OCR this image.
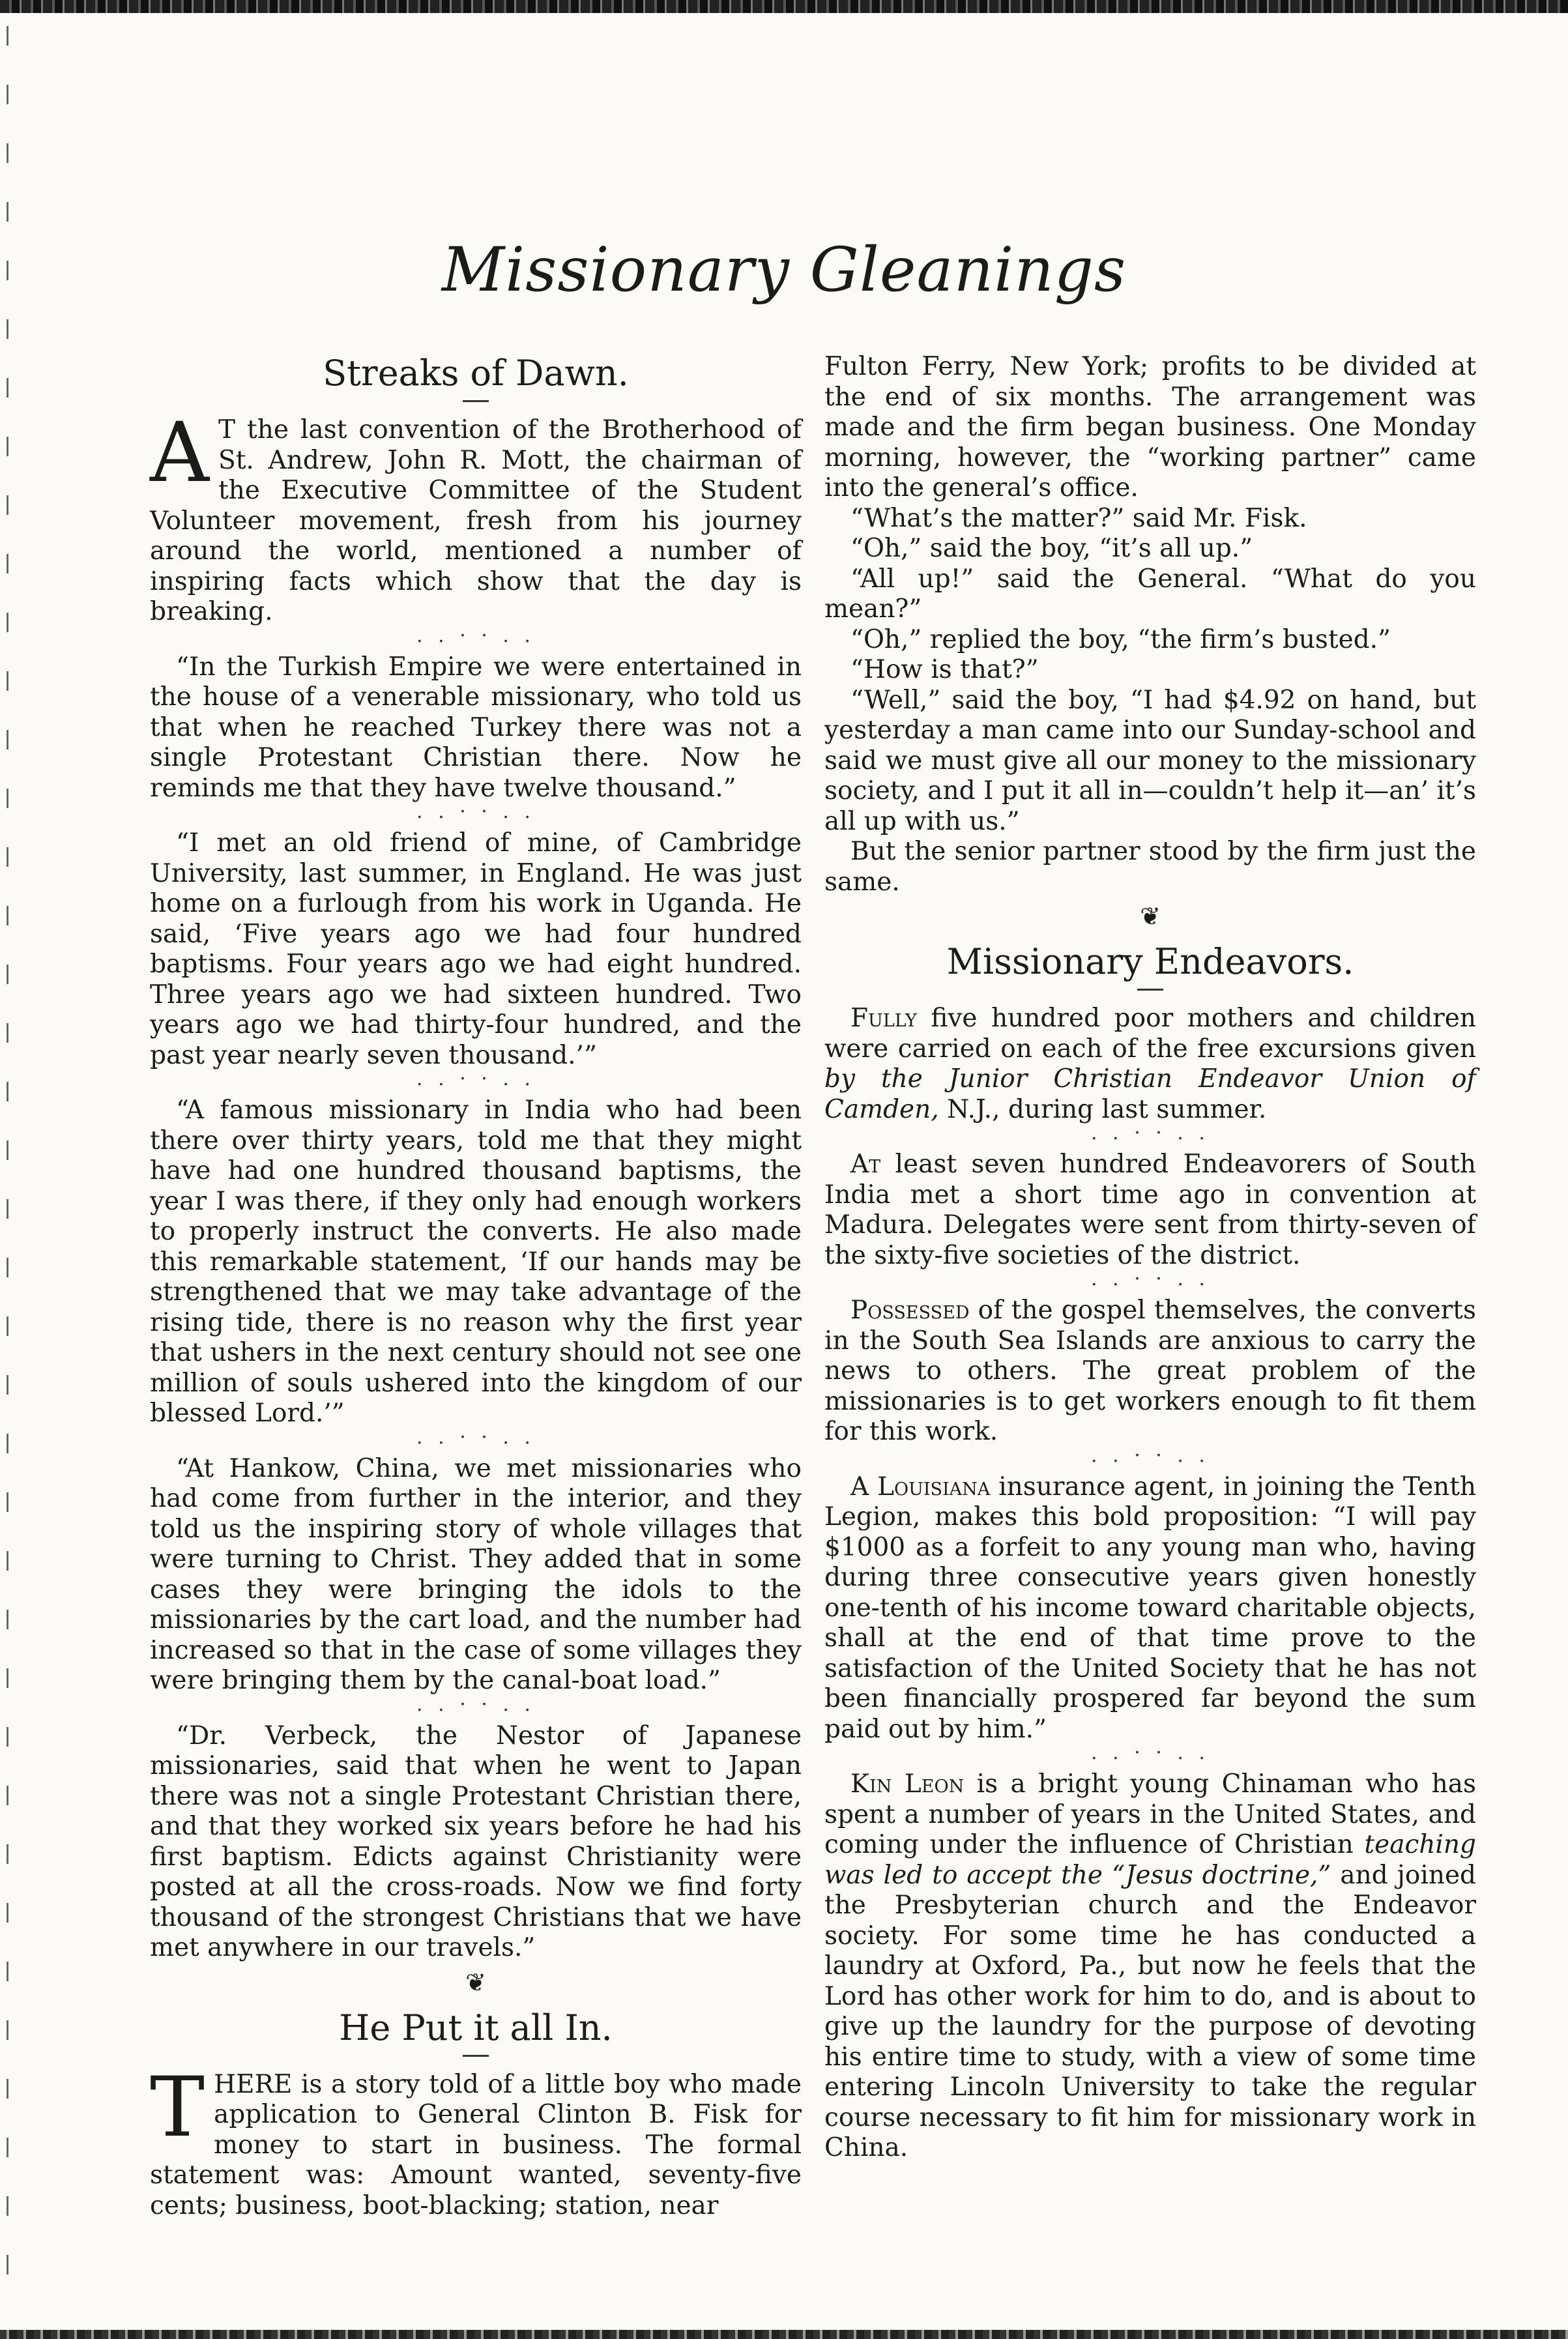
Missionary Gleanings
Streaks of Dawn.

A T the last convention of the Brotherhood of St. Andrew, John R. Mott, the chairman of the Executive Committee of the Student Volunteer movement, fresh from his journey around the world, mentioned a number of inspiring facts which show that the day is breaking.

. . · · . .

“In the Turkish Empire we were entertained in the house of a venerable missionary, who told us that when he reached Turkey there was not a single Protestant Christian there. Now he reminds me that they have twelve thousand.”

. . · · . .

“I met an old friend of mine, of Cambridge University, last summer, in England. He was just home on a furlough from his work in Uganda. He said, ‘Five years ago we had four hundred baptisms. Four years ago we had eight hundred. Three years ago we had sixteen hundred. Two years ago we had thirty-four hundred, and the past year nearly seven thousand.’”

. . · · . .

“A famous missionary in India who had been there over thirty years, told me that they might have had one hundred thousand baptisms, the year I was there, if they only had enough workers to properly instruct the converts. He also made this remarkable statement, ‘If our hands may be strengthened that we may take advantage of the rising tide, there is no reason why the first year that ushers in the next century should not see one million of souls ushered into the kingdom of our blessed Lord.’”

. . · · . .

“At Hankow, China, we met missionaries who had come from further in the interior, and they told us the inspiring story of whole villages that were turning to Christ. They added that in some cases they were bringing the idols to the missionaries by the cart load, and the number had increased so that in the case of some villages they were bringing them by the canal-boat load.”

. . · · . .

“Dr. Verbeck, the Nestor of Japanese missionaries, said that when he went to Japan there was not a single Protestant Christian there, and that they worked six years before he had his first baptism. Edicts against Christianity were posted at all the cross-roads. Now we find forty thousand of the strongest Christians that we have met anywhere in our travels.”

❦
He Put it all In.

THERE is a story told of a little boy who made application to General Clinton B. Fisk for money to start in business. The formal statement was: Amount wanted, seventy-five cents; business, boot-blacking; station, near

Fulton Ferry, New York; profits to be divided at the end of six months. The arrangement was made and the firm began business. One Monday morning, however, the “working partner” came into the general’s office.

“What’s the matter?” said Mr. Fisk.

“Oh,” said the boy, “it’s all up.”

“All up!” said the General. “What do you mean?”

“Oh,” replied the boy, “the firm’s busted.”

“How is that?”

“Well,” said the boy, “I had $4.92 on hand, but yesterday a man came into our Sunday-school and said we must give all our money to the missionary society, and I put it all in—couldn’t help it—an’ it’s all up with us.”

But the senior partner stood by the firm just the same.

❦
Missionary Endeavors.

Fully five hundred poor mothers and children were carried on each of the free excursions given by the Junior Christian Endeavor Union of Camden, N.J., during last summer.

. . · · . .

At least seven hundred Endeavorers of South India met a short time ago in convention at Madura. Delegates were sent from thirty-seven of the sixty-five societies of the district.

. . · · . .

Possessed of the gospel themselves, the converts in the South Sea Islands are anxious to carry the news to others. The great problem of the missionaries is to get workers enough to fit them for this work.

. . · · . .

A Louisiana insurance agent, in joining the Tenth Legion, makes this bold proposition: “I will pay $1000 as a forfeit to any young man who, having during three consecutive years given honestly one-tenth of his income toward charitable objects, shall at the end of that time prove to the satisfaction of the United Society that he has not been financially prospered far beyond the sum paid out by him.”

. . · · . .

Kin Leon is a bright young Chinaman who has spent a number of years in the United States, and coming under the influence of Christian teaching was led to accept the “Jesus doctrine,” and joined the Presbyterian church and the Endeavor society. For some time he has conducted a laundry at Oxford, Pa., but now he feels that the Lord has other work for him to do, and is about to give up the laundry for the purpose of devoting his entire time to study, with a view of some time entering Lincoln University to take the regular course necessary to fit him for missionary work in China.
